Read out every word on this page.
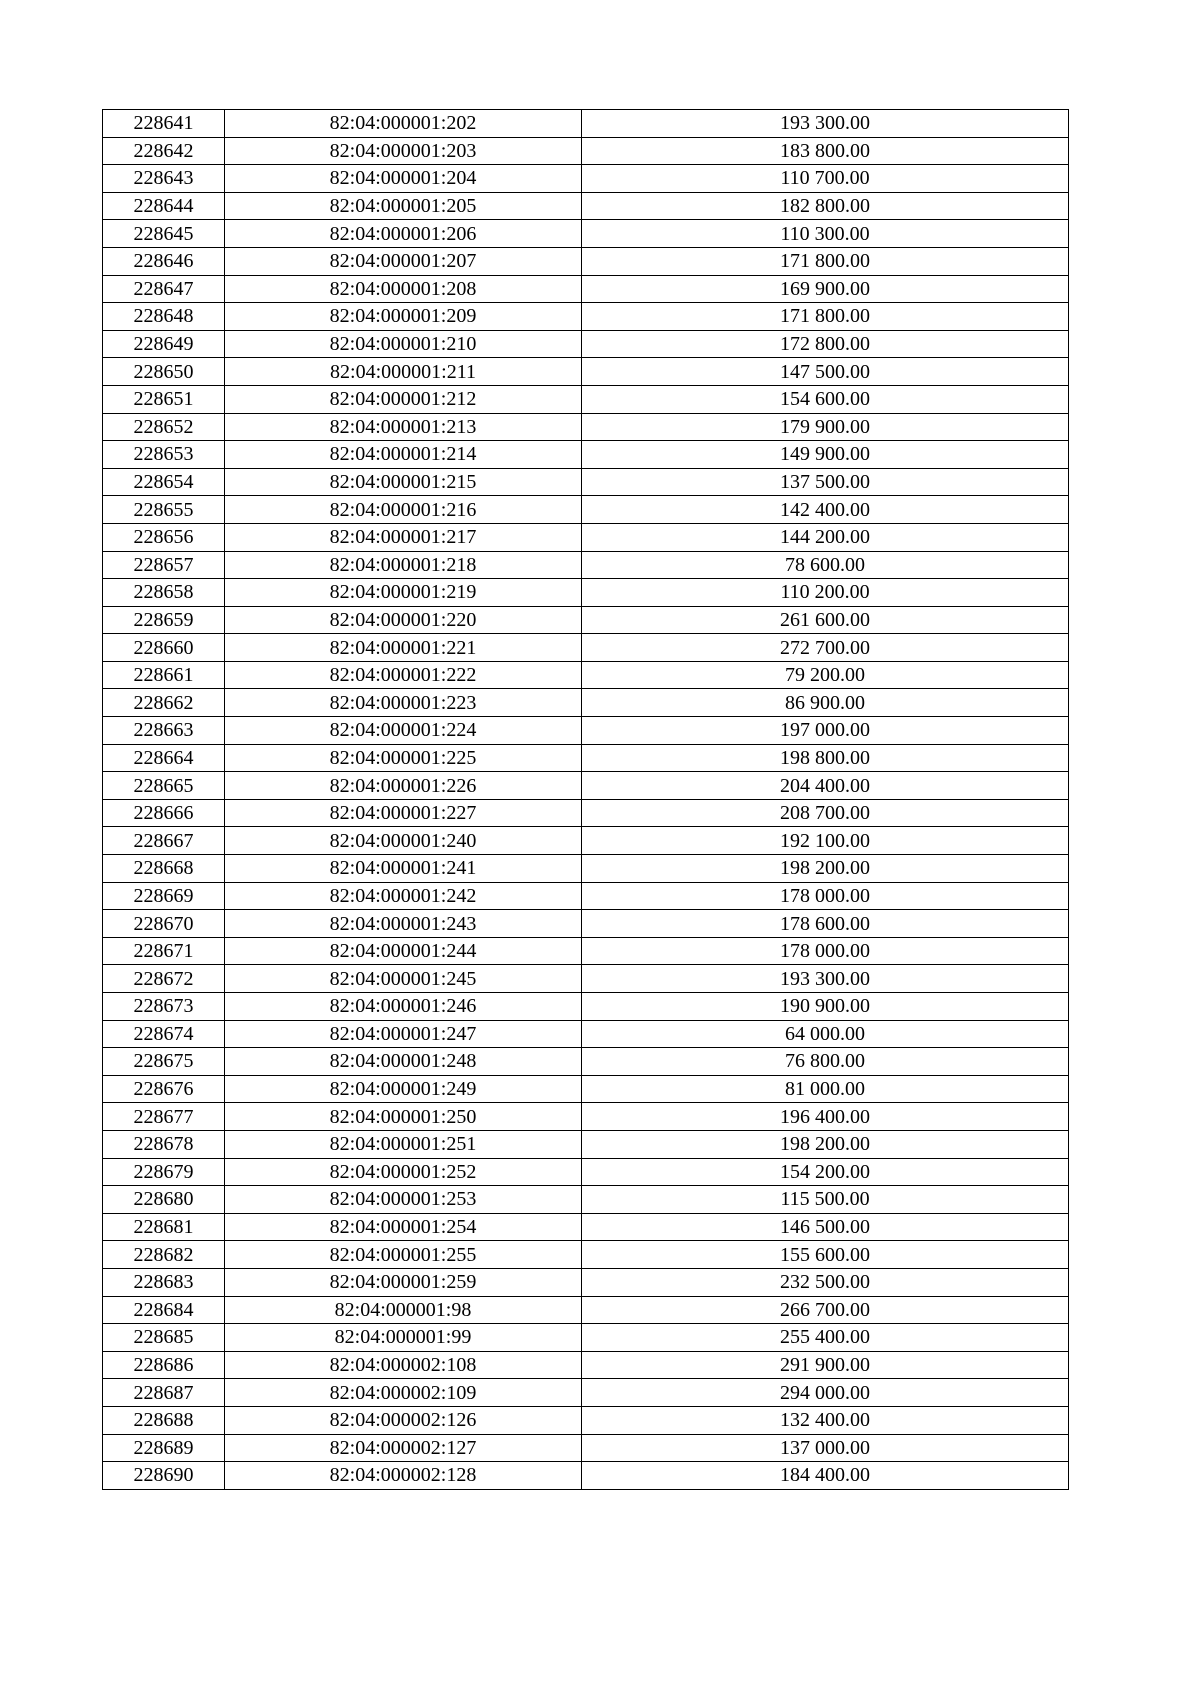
228641	82:04:000001:202	193 300.00
228642	82:04:000001:203	183 800.00
228643	82:04:000001:204	110 700.00
228644	82:04:000001:205	182 800.00
228645	82:04:000001:206	110 300.00
228646	82:04:000001:207	171 800.00
228647	82:04:000001:208	169 900.00
228648	82:04:000001:209	171 800.00
228649	82:04:000001:210	172 800.00
228650	82:04:000001:211	147 500.00
228651	82:04:000001:212	154 600.00
228652	82:04:000001:213	179 900.00
228653	82:04:000001:214	149 900.00
228654	82:04:000001:215	137 500.00
228655	82:04:000001:216	142 400.00
228656	82:04:000001:217	144 200.00
228657	82:04:000001:218	78 600.00
228658	82:04:000001:219	110 200.00
228659	82:04:000001:220	261 600.00
228660	82:04:000001:221	272 700.00
228661	82:04:000001:222	79 200.00
228662	82:04:000001:223	86 900.00
228663	82:04:000001:224	197 000.00
228664	82:04:000001:225	198 800.00
228665	82:04:000001:226	204 400.00
228666	82:04:000001:227	208 700.00
228667	82:04:000001:240	192 100.00
228668	82:04:000001:241	198 200.00
228669	82:04:000001:242	178 000.00
228670	82:04:000001:243	178 600.00
228671	82:04:000001:244	178 000.00
228672	82:04:000001:245	193 300.00
228673	82:04:000001:246	190 900.00
228674	82:04:000001:247	64 000.00
228675	82:04:000001:248	76 800.00
228676	82:04:000001:249	81 000.00
228677	82:04:000001:250	196 400.00
228678	82:04:000001:251	198 200.00
228679	82:04:000001:252	154 200.00
228680	82:04:000001:253	115 500.00
228681	82:04:000001:254	146 500.00
228682	82:04:000001:255	155 600.00
228683	82:04:000001:259	232 500.00
228684	82:04:000001:98	266 700.00
228685	82:04:000001:99	255 400.00
228686	82:04:000002:108	291 900.00
228687	82:04:000002:109	294 000.00
228688	82:04:000002:126	132 400.00
228689	82:04:000002:127	137 000.00
228690	82:04:000002:128	184 400.00
